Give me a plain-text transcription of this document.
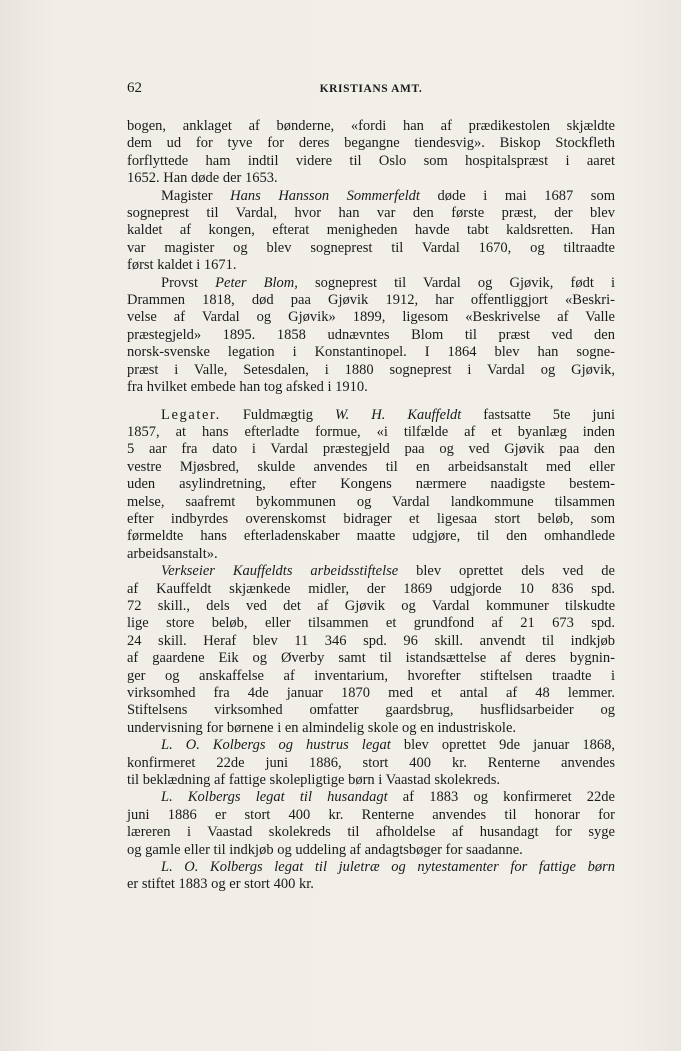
62	KRISTIANS AMT.

bogen, anklaget af bønderne, «fordi han af prædikestolen skjældte
dem ud for tyve for deres begangne tiendesvig». Biskop Stockfleth
forflyttede ham indtil videre til Oslo som hospitalspræst i aaret
1652. Han døde der 1653.

Magister Hans Hansson Sommerfeldt døde i mai 1687 som
sogneprest til Vardal, hvor han var den første præst, der blev
kaldet af kongen, efterat menigheden havde tabt kaldsretten. Han
var magister og blev sogneprest til Vardal 1670, og tiltraadte
først kaldet i 1671.

Provst Peter Blom, sogneprest til Vardal og Gjøvik, født i
Drammen 1818, død paa Gjøvik 1912, har offentliggjort «Beskri-
velse af Vardal og Gjøvik» 1899, ligesom «Beskrivelse af Valle
præstegjeld» 1895. 1858 udnævntes Blom til præst ved den
norsk-svenske legation i Konstantinopel. I 1864 blev han sogne-
præst i Valle, Setesdalen, i 1880 sogneprest i Vardal og Gjøvik,
fra hvilket embede han tog afsked i 1910.

Legater. Fuldmægtig W. H. Kauffeldt fastsatte 5te juni
1857, at hans efterladte formue, «i tilfælde af et byanlæg inden
5 aar fra dato i Vardal præstegjeld paa og ved Gjøvik paa den
vestre Mjøsbred, skulde anvendes til en arbeidsanstalt med eller
uden asylindretning, efter Kongens nærmere naadigste bestem-
melse, saafremt bykommunen og Vardal landkommune tilsammen
efter indbyrdes overenskomst bidrager et ligesaa stort beløb, som
førmeldte hans efterladenskaber maatte udgjøre, til den omhandlede
arbeidsanstalt».

Verkseier Kauffeldts arbeidsstiftelse blev oprettet dels ved de
af Kauffeldt skjænkede midler, der 1869 udgjorde 10 836 spd.
72 skill., dels ved det af Gjøvik og Vardal kommuner tilskudte
lige store beløb, eller tilsammen et grundfond af 21 673 spd.
24 skill. Heraf blev 11 346 spd. 96 skill. anvendt til indkjøb
af gaardene Eik og Øverby samt til istandsættelse af deres bygnin-
ger og anskaffelse af inventarium, hvorefter stiftelsen traadte i
virksomhed fra 4de januar 1870 med et antal af 48 lemmer.
Stiftelsens virksomhed omfatter gaardsbrug, husflidsarbeider og
undervisning for børnene i en almindelig skole og en industriskole.

L. O. Kolbergs og hustrus legat blev oprettet 9de januar 1868,
konfirmeret 22de juni 1886, stort 400 kr. Renterne anvendes
til beklædning af fattige skolepligtige børn i Vaastad skolekreds.

L. Kolbergs legat til husandagt af 1883 og konfirmeret 22de
juni 1886 er stort 400 kr. Renterne anvendes til honorar for
læreren i Vaastad skolekreds til afholdelse af husandagt for syge
og gamle eller til indkjøb og uddeling af andagtsbøger for saadanne.

L. O. Kolbergs legat til juletræ og nytestamenter for fattige børn
er stiftet 1883 og er stort 400 kr.
